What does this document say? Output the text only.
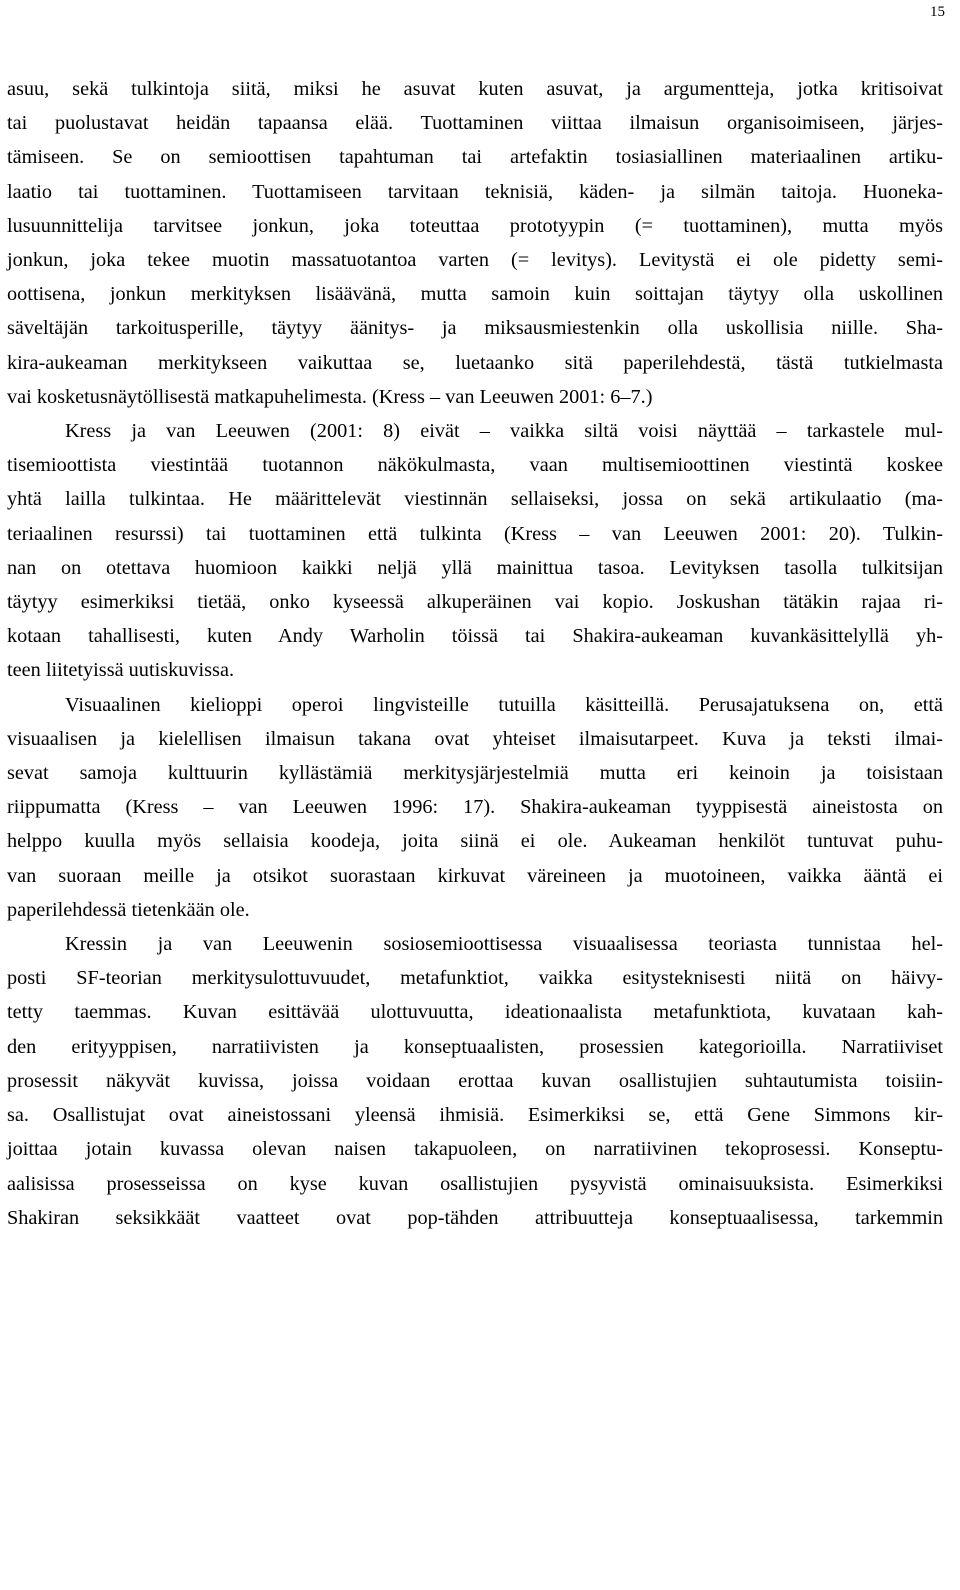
15
asuu, sekä tulkintoja siitä, miksi he asuvat kuten asuvat, ja argumentteja, jotka kritisoivat
tai puolustavat heidän tapaansa elää. Tuottaminen viittaa ilmaisun organisoimiseen, järjes-
tämiseen. Se on semioottisen tapahtuman tai artefaktin tosiasiallinen materiaalinen artiku-
laatio tai tuottaminen. Tuottamiseen tarvitaan teknisiä, käden- ja silmän taitoja. Huoneka-
lusuunnittelija tarvitsee jonkun, joka toteuttaa prototyypin (= tuottaminen), mutta myös
jonkun, joka tekee muotin massatuotantoa varten (= levitys). Levitystä ei ole pidetty semi-
oottisena, jonkun merkityksen lisäävänä, mutta samoin kuin soittajan täytyy olla uskollinen
säveltäjän tarkoitusperille, täytyy äänitys- ja miksausmiestenkin olla uskollisia niille. Sha-
kira-aukeaman merkitykseen vaikuttaa se, luetaanko sitä paperilehdestä, tästä tutkielmasta
vai kosketusnäytöllisestä matkapuhelimesta. (Kress – van Leeuwen 2001: 6–7.)
Kress ja van Leeuwen (2001: 8) eivät – vaikka siltä voisi näyttää – tarkastele mul-
tisemioottista viestintää tuotannon näkökulmasta, vaan multisemioottinen viestintä koskee
yhtä lailla tulkintaa. He määrittelevät viestinnän sellaiseksi, jossa on sekä artikulaatio (ma-
teriaalinen resurssi) tai tuottaminen että tulkinta (Kress – van Leeuwen 2001: 20). Tulkin-
nan on otettava huomioon kaikki neljä yllä mainittua tasoa. Levityksen tasolla tulkitsijan
täytyy esimerkiksi tietää, onko kyseessä alkuperäinen vai kopio. Joskushan tätäkin rajaa ri-
kotaan tahallisesti, kuten Andy Warholin töissä tai Shakira-aukeaman kuvankäsittelyllä yh-
teen liitetyissä uutiskuvissa.
Visuaalinen kielioppi operoi lingvisteille tutuilla käsitteillä. Perusajatuksena on, että
visuaalisen ja kielellisen ilmaisun takana ovat yhteiset ilmaisutarpeet. Kuva ja teksti ilmai-
sevat samoja kulttuurin kyllästämiä merkitysjärjestelmiä mutta eri keinoin ja toisistaan
riippumatta (Kress – van Leeuwen 1996: 17). Shakira-aukeaman tyyppisestä aineistosta on
helppo kuulla myös sellaisia koodeja, joita siinä ei ole. Aukeaman henkilöt tuntuvat puhu-
van suoraan meille ja otsikot suorastaan kirkuvat väreineen ja muotoineen, vaikka ääntä ei
paperilehdessä tietenkään ole.
Kressin ja van Leeuwenin sosiosemioottisessa visuaalisessa teoriasta tunnistaa hel-
posti SF-teorian merkitysulottuvuudet, metafunktiot, vaikka esitysteknisesti niitä on häivy-
tetty taemmas. Kuvan esittävää ulottuvuutta, ideationaalista metafunktiota, kuvataan kah-
den erityyppisen, narratiivisten ja konseptuaalisten, prosessien kategorioilla. Narratiiviset
prosessit näkyvät kuvissa, joissa voidaan erottaa kuvan osallistujien suhtautumista toisiin-
sa. Osallistujat ovat aineistossani yleensä ihmisiä. Esimerkiksi se, että Gene Simmons kir-
joittaa jotain kuvassa olevan naisen takapuoleen, on narratiivinen tekoprosessi. Konseptu-
aalisissa prosesseissa on kyse kuvan osallistujien pysyvistä ominaisuuksista. Esimerkiksi
Shakiran seksikkäät vaatteet ovat pop-tähden attribuutteja konseptuaalisessa, tarkemmin
